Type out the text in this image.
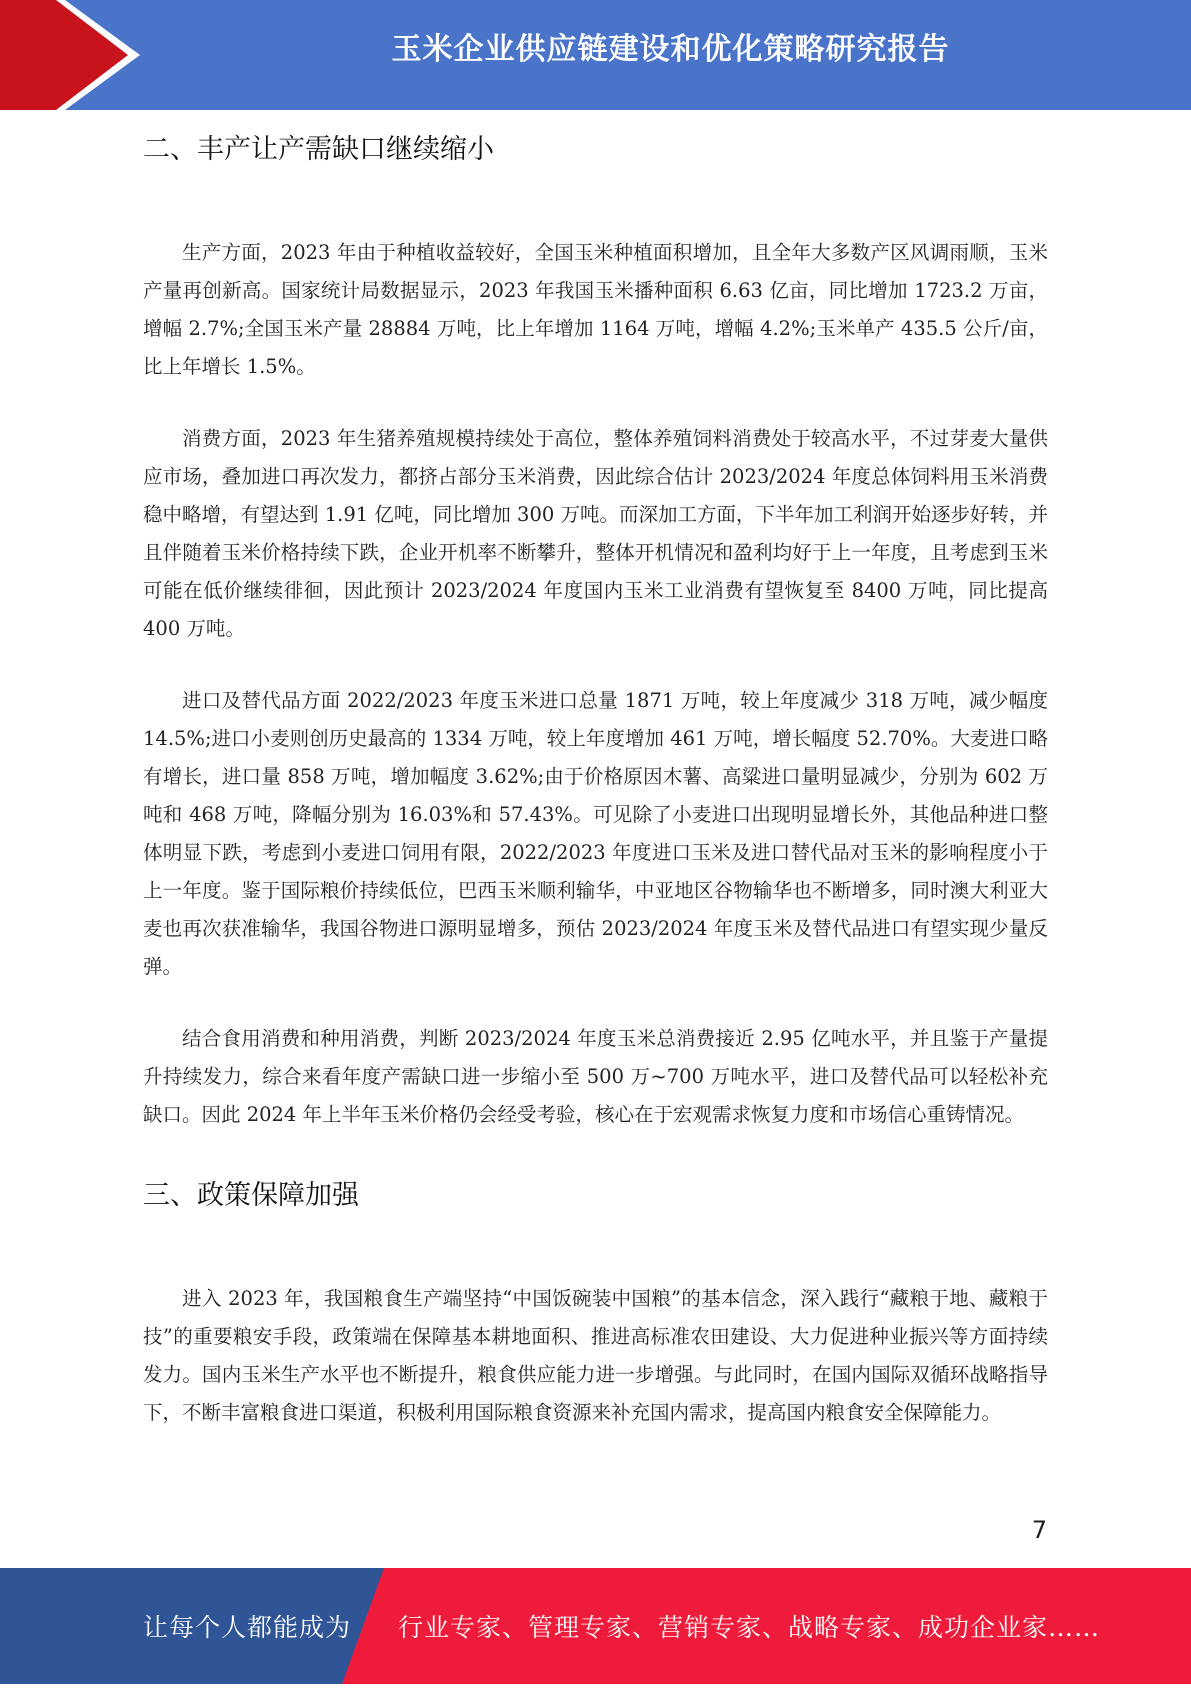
玉米企业供应链建设和优化策略研究报告
二、丰产让产需缺口继续缩小

生产方面，2023 年由于种植收益较好，全国玉米种植面积增加，且全年大多数产区风调雨顺，玉米产量再创新高。国家统计局数据显示，2023 年我国玉米播种面积 6.63 亿亩，同比增加 1723.2 万亩，增幅 2.7%;全国玉米产量 28884 万吨，比上年增加 1164 万吨，增幅 4.2%;玉米单产 435.5 公斤/亩，比上年增长 1.5%。

消费方面，2023 年生猪养殖规模持续处于高位，整体养殖饲料消费处于较高水平，不过芽麦大量供应市场，叠加进口再次发力，都挤占部分玉米消费，因此综合估计 2023/2024 年度总体饲料用玉米消费稳中略增，有望达到 1.91 亿吨，同比增加 300 万吨。而深加工方面，下半年加工利润开始逐步好转，并且伴随着玉米价格持续下跌，企业开机率不断攀升，整体开机情况和盈利均好于上一年度，且考虑到玉米可能在低价继续徘徊，因此预计 2023/2024 年度国内玉米工业消费有望恢复至 8400 万吨，同比提高 400 万吨。

进口及替代品方面 2022/2023 年度玉米进口总量 1871 万吨，较上年度减少 318 万吨，减少幅度 14.5%;进口小麦则创历史最高的 1334 万吨，较上年度增加 461 万吨，增长幅度 52.70%。大麦进口略有增长，进口量 858 万吨，增加幅度 3.62%;由于价格原因木薯、高粱进口量明显减少，分别为 602 万吨和 468 万吨，降幅分别为 16.03%和 57.43%。可见除了小麦进口出现明显增长外，其他品种进口整体明显下跌，考虑到小麦进口饲用有限，2022/2023 年度进口玉米及进口替代品对玉米的影响程度小于上一年度。鉴于国际粮价持续低位，巴西玉米顺利输华，中亚地区谷物输华也不断增多，同时澳大利亚大麦也再次获准输华，我国谷物进口源明显增多，预估 2023/2024 年度玉米及替代品进口有望实现少量反弹。

结合食用消费和种用消费，判断 2023/2024 年度玉米总消费接近 2.95 亿吨水平，并且鉴于产量提升持续发力，综合来看年度产需缺口进一步缩小至 500 万~700 万吨水平，进口及替代品可以轻松补充缺口。因此 2024 年上半年玉米价格仍会经受考验，核心在于宏观需求恢复力度和市场信心重铸情况。

三、政策保障加强

进入 2023 年，我国粮食生产端坚持“中国饭碗装中国粮”的基本信念，深入践行“藏粮于地、藏粮于技”的重要粮安手段，政策端在保障基本耕地面积、推进高标准农田建设、大力促进种业振兴等方面持续发力。国内玉米生产水平也不断提升，粮食供应能力进一步增强。与此同时，在国内国际双循环战略指导下，不断丰富粮食进口渠道，积极利用国际粮食资源来补充国内需求，提高国内粮食安全保障能力。

7
让每个人都能成为 行业专家、管理专家、营销专家、战略专家、成功企业家……
